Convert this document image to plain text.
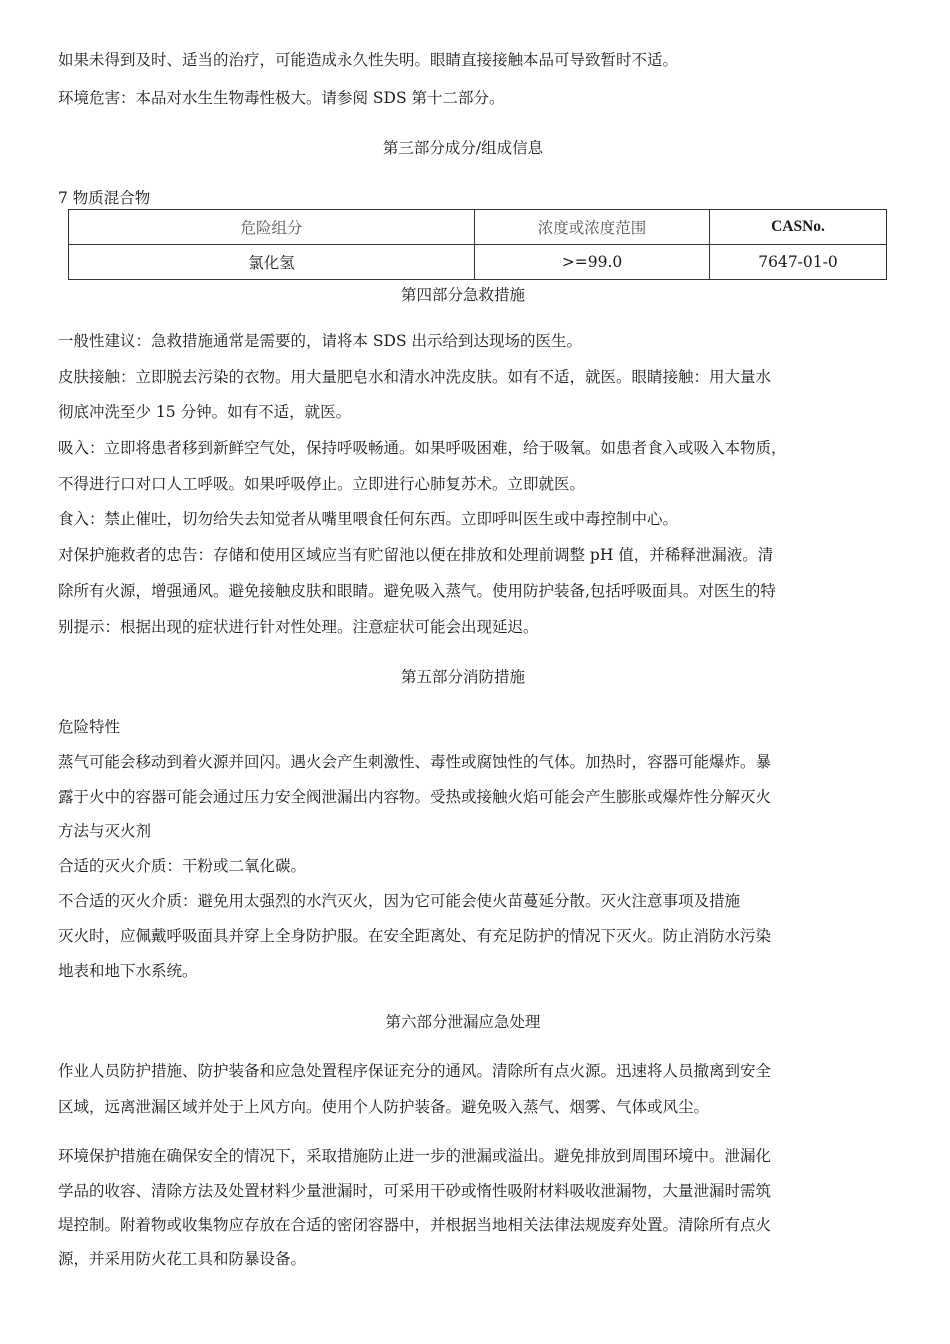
如果未得到及时、适当的治疗，可能造成永久性失明。眼睛直接接触本品可导致暂时不适。
环境危害：本品对水生生物毒性极大。请参阅 SDS 第十二部分。
第三部分成分/组成信息
7 物质混合物
危险组分	浓度或浓度范围	CASNo.
氯化氢	>=99.0	7647-01-0
第四部分急救措施
一般性建议：急救措施通常是需要的，请将本 SDS 出示给到达现场的医生。
皮肤接触：立即脱去污染的衣物。用大量肥皂水和清水冲洗皮肤。如有不适，就医。眼睛接触：用大量水
彻底冲洗至少 15 分钟。如有不适，就医。
吸入：立即将患者移到新鲜空气处，保持呼吸畅通。如果呼吸困难，给于吸氧。如患者食入或吸入本物质，
不得进行口对口人工呼吸。如果呼吸停止。立即进行心肺复苏术。立即就医。
食入：禁止催吐，切勿给失去知觉者从嘴里喂食任何东西。立即呼叫医生或中毒控制中心。
对保护施救者的忠告：存储和使用区域应当有贮留池以便在排放和处理前调整 pH 值，并稀释泄漏液。清
除所有火源，增强通风。避免接触皮肤和眼睛。避免吸入蒸气。使用防护装备,包括呼吸面具。对医生的特
别提示：根据出现的症状进行针对性处理。注意症状可能会出现延迟。
第五部分消防措施
危险特性
蒸气可能会移动到着火源并回闪。遇火会产生刺激性、毒性或腐蚀性的气体。加热时，容器可能爆炸。暴
露于火中的容器可能会通过压力安全阀泄漏出内容物。受热或接触火焰可能会产生膨胀或爆炸性分解灭火
方法与灭火剂
合适的灭火介质：干粉或二氧化碳。
不合适的灭火介质：避免用太强烈的水汽灭火，因为它可能会使火苗蔓延分散。灭火注意事项及措施
灭火时，应佩戴呼吸面具并穿上全身防护服。在安全距离处、有充足防护的情况下灭火。防止消防水污染
地表和地下水系统。
第六部分泄漏应急处理
作业人员防护措施、防护装备和应急处置程序保证充分的通风。清除所有点火源。迅速将人员撤离到安全
区域，远离泄漏区域并处于上风方向。使用个人防护装备。避免吸入蒸气、烟雾、气体或风尘。
环境保护措施在确保安全的情况下，采取措施防止进一步的泄漏或溢出。避免排放到周围环境中。泄漏化
学品的收容、清除方法及处置材料少量泄漏时，可采用干砂或惰性吸附材料吸收泄漏物，大量泄漏时需筑
堤控制。附着物或收集物应存放在合适的密闭容器中，并根据当地相关法律法规废弃处置。清除所有点火
源，并采用防火花工具和防暴设备。
